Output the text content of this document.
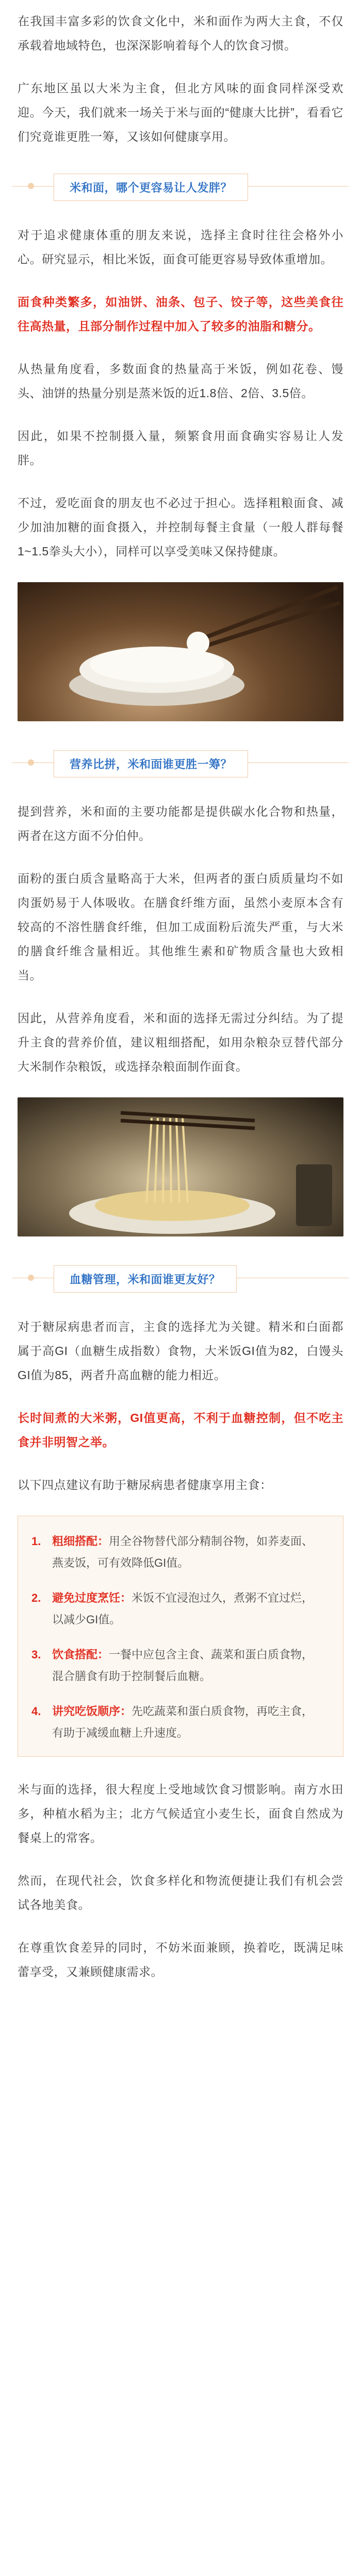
在我国丰富多彩的饮食文化中，米和面作为两大主食，不仅承载着地域特色，也深深影响着每个人的饮食习惯。

广东地区虽以大米为主食，但北方风味的面食同样深受欢迎。今天，我们就来一场关于米与面的“健康大比拼”，看看它们究竟谁更胜一筹，又该如何健康享用。

米和面，哪个更容易让人发胖？

对于追求健康体重的朋友来说，选择主食时往往会格外小心。研究显示，相比米饭，面食可能更容易导致体重增加。

面食种类繁多，如油饼、油条、包子、饺子等，这些美食往往高热量，且部分制作过程中加入了较多的油脂和糖分。

从热量角度看，多数面食的热量高于米饭，例如花卷、馒头、油饼的热量分别是蒸米饭的近1.8倍、2倍、3.5倍。

因此，如果不控制摄入量，频繁食用面食确实容易让人发胖。

不过，爱吃面食的朋友也不必过于担心。选择粗粮面食、减少加油加糖的面食摄入，并控制每餐主食量（一般人群每餐1~1.5拳头大小），同样可以享受美味又保持健康。

营养比拼，米和面谁更胜一筹？

提到营养，米和面的主要功能都是提供碳水化合物和热量，两者在这方面不分伯仲。

面粉的蛋白质含量略高于大米，但两者的蛋白质质量均不如肉蛋奶易于人体吸收。在膳食纤维方面，虽然小麦原本含有较高的不溶性膳食纤维，但加工成面粉后流失严重，与大米的膳食纤维含量相近。其他维生素和矿物质含量也大致相当。

因此，从营养角度看，米和面的选择无需过分纠结。为了提升主食的营养价值，建议粗细搭配，如用杂粮杂豆替代部分大米制作杂粮饭，或选择杂粮面制作面食。

血糖管理，米和面谁更友好？

对于糖尿病患者而言，主食的选择尤为关键。精米和白面都属于高GI（血糖生成指数）食物，大米饭GI值为82，白馒头GI值为85，两者升高血糖的能力相近。

长时间煮的大米粥，GI值更高，不利于血糖控制，但不吃主食并非明智之举。

以下四点建议有助于糖尿病患者健康享用主食：

1. 粗细搭配：用全谷物替代部分精制谷物，如荞麦面、燕麦饭，可有效降低GI值。
2. 避免过度烹饪：米饭不宜浸泡过久，煮粥不宜过烂，以减少GI值。
3. 饮食搭配：一餐中应包含主食、蔬菜和蛋白质食物，混合膳食有助于控制餐后血糖。
4. 讲究吃饭顺序：先吃蔬菜和蛋白质食物，再吃主食，有助于减缓血糖上升速度。

米与面的选择，很大程度上受地域饮食习惯影响。南方水田多，种植水稻为主；北方气候适宜小麦生长，面食自然成为餐桌上的常客。

然而，在现代社会，饮食多样化和物流便捷让我们有机会尝试各地美食。

在尊重饮食差异的同时，不妨米面兼顾，换着吃，既满足味蕾享受，又兼顾健康需求。
